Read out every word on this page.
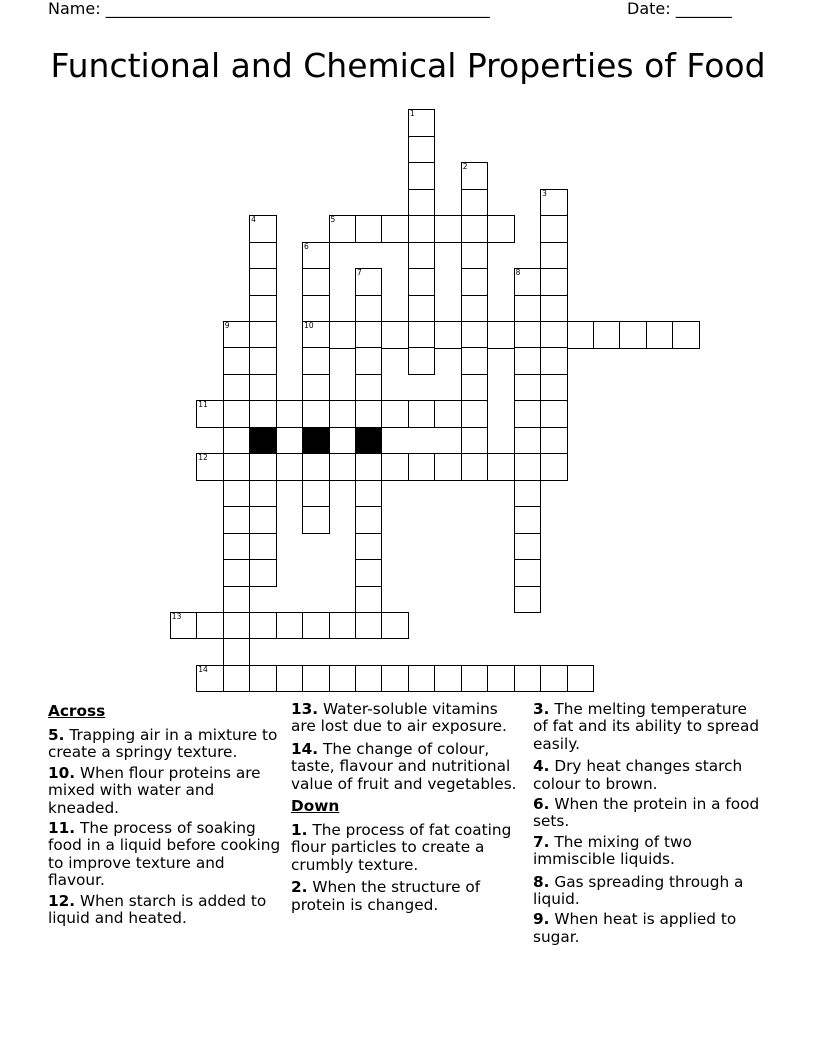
Name: ________________________________________________	Date: _______
Functional and Chemical Properties of Food
1
2
3
4	5
6
10
7	8
9
11
12
13
14
Across
5. Trapping air in a mixture to create a springy texture.
10. When flour proteins are mixed with water and kneaded.
11. The process of soaking food in a liquid before cooking to improve texture and flavour.
12. When starch is added to liquid and heated.
13. Water-soluble vitamins are lost due to air exposure.
14. The change of colour, taste, flavour and nutritional value of fruit and vegetables.
Down
1. The process of fat coating flour particles to create a crumbly texture.
2. When the structure of protein is changed.
3. The melting temperature of fat and its ability to spread easily.
4. Dry heat changes starch colour to brown.
6. When the protein in a food sets.
7. The mixing of two immiscible liquids.
8. Gas spreading through a liquid.
9. When heat is applied to sugar.
